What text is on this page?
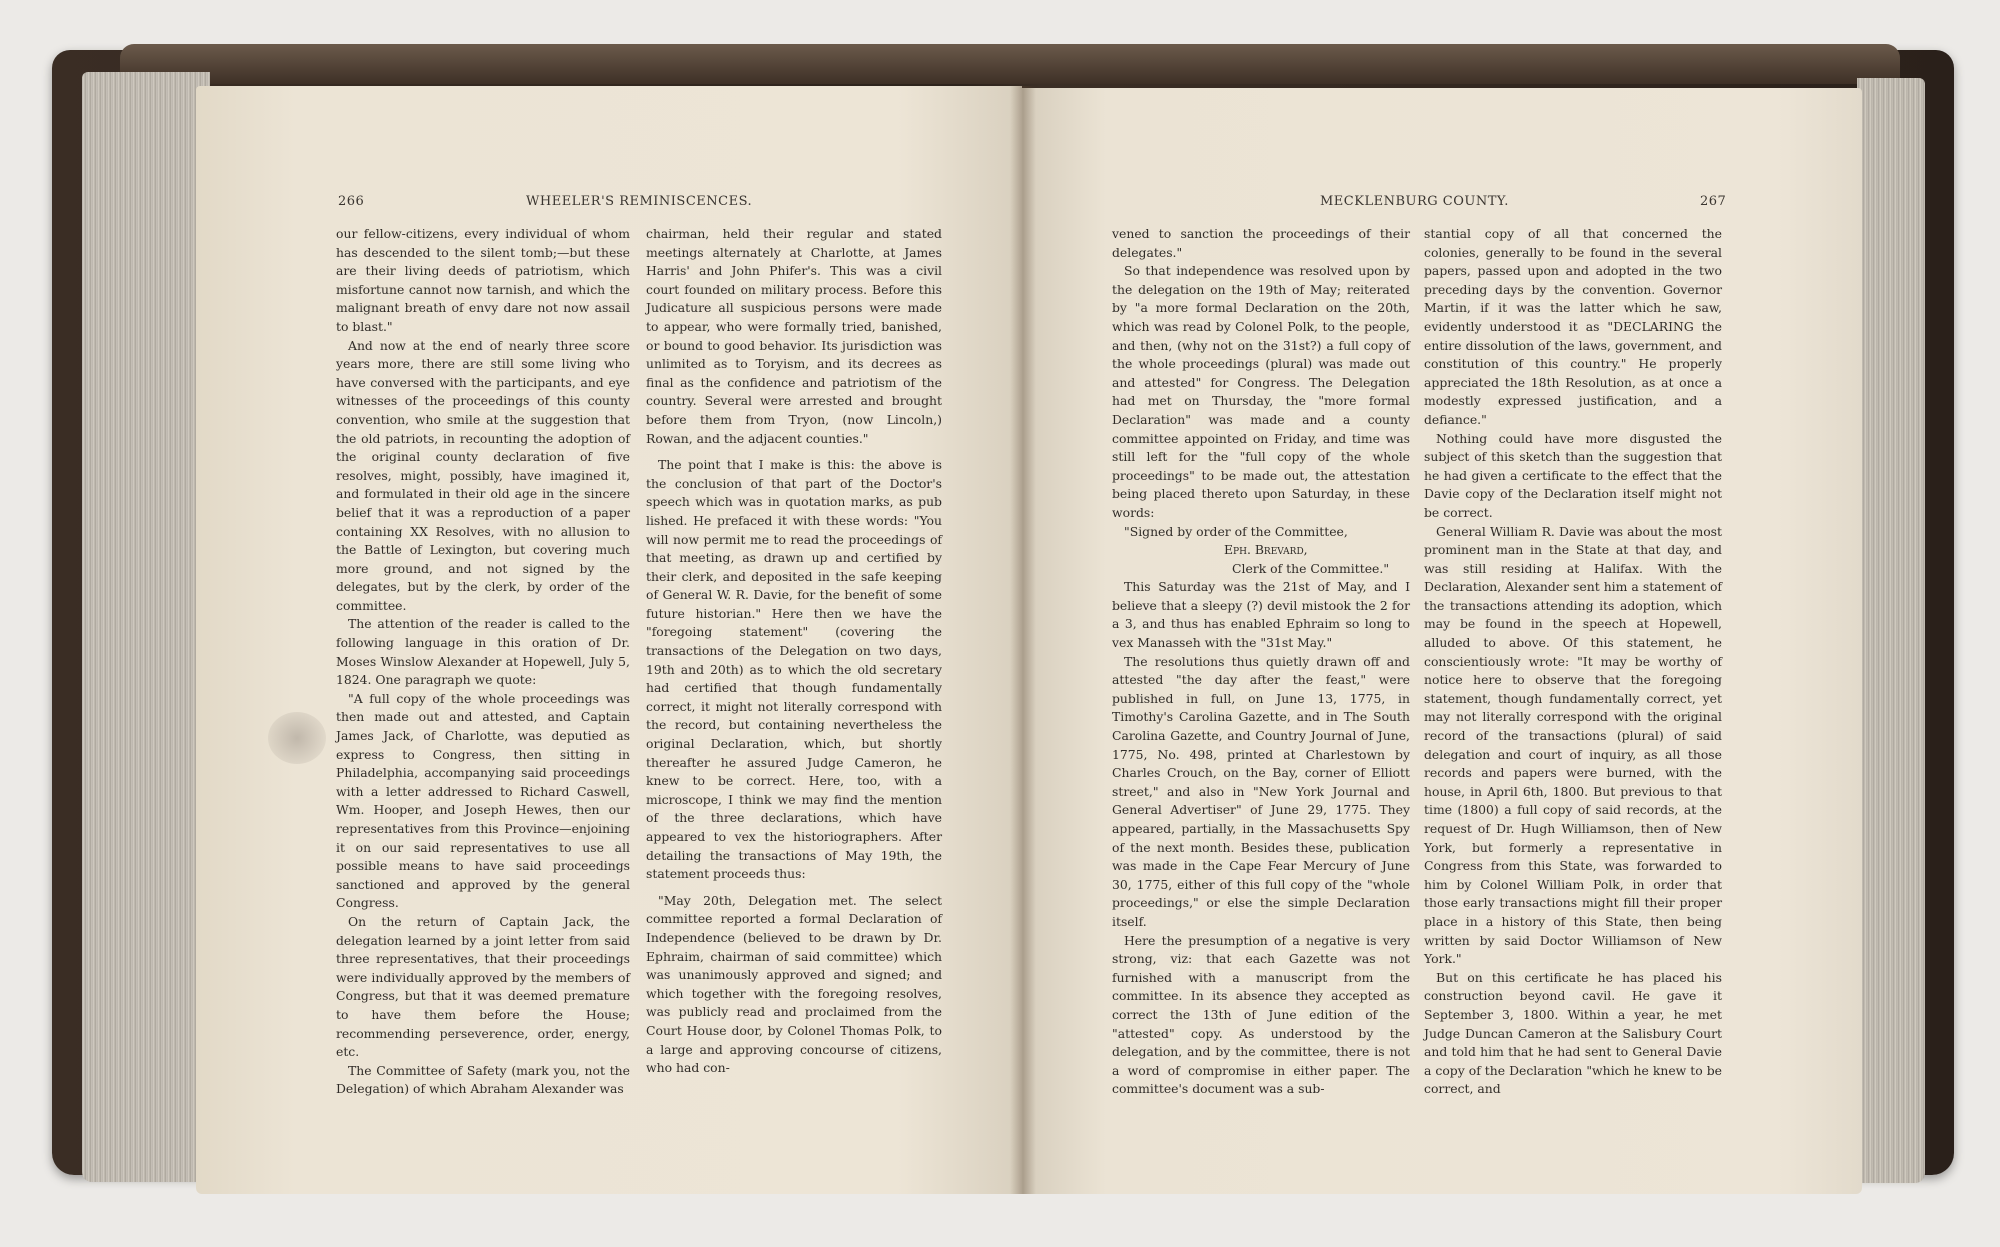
266	WHEELER'S REMINISCENCES.	MECKLENBURG COUNTY.	267

our fellow-citizens, every individual of whom has descended to the silent tomb;—but these are their living deeds of patriotism, which misfortune cannot now tarnish, and which the malignant breath of envy dare not now assail to blast."

And now at the end of nearly three score years more, there are still some living who have conversed with the participants, and eye witnesses of the proceedings of this county convention, who smile at the suggestion that the old patriots, in recounting the adoption of the original county declaration of five resolves, might, possibly, have imagined it, and formulated in their old age in the sincere belief that it was a reproduction of a paper containing XX Resolves, with no allusion to the Battle of Lexington, but covering much more ground, and not signed by the delegates, but by the clerk, by order of the committee.

The attention of the reader is called to the following language in this oration of Dr. Moses Winslow Alexander at Hopewell, July 5, 1824. One paragraph we quote:

"A full copy of the whole proceedings was then made out and attested, and Captain James Jack, of Charlotte, was deputied as express to Congress, then sitting in Philadelphia, accompanying said proceedings with a letter addressed to Richard Caswell, Wm. Hooper, and Joseph Hewes, then our representatives from this Province—enjoining it on our said representatives to use all possible means to have said proceedings sanctioned and approved by the general Congress.

On the return of Captain Jack, the delegation learned by a joint letter from said three representatives, that their proceedings were individually approved by the members of Congress, but that it was deemed premature to have them before the House; recommending perseverence, order, energy, etc.

The Committee of Safety (mark you, not the Delegation) of which Abraham Alexander was

chairman, held their regular and stated meetings alternately at Charlotte, at James Harris' and John Phifer's. This was a civil court founded on military process. Before this Judicature all suspicious persons were made to appear, who were formally tried, banished, or bound to good behavior. Its jurisdiction was unlimited as to Toryism, and its decrees as final as the confidence and patriotism of the country. Several were arrested and brought before them from Tryon, (now Lincoln,) Rowan, and the adjacent counties."

The point that I make is this: the above is the conclusion of that part of the Doctor's speech which was in quotation marks, as pub lished. He prefaced it with these words: "You will now permit me to read the proceedings of that meeting, as drawn up and certified by their clerk, and deposited in the safe keeping of General W. R. Davie, for the benefit of some future historian." Here then we have the "foregoing statement" (covering the transactions of the Delegation on two days, 19th and 20th) as to which the old secretary had certified that though fundamentally correct, it might not literally correspond with the record, but containing nevertheless the original Declaration, which, but shortly thereafter he assured Judge Cameron, he knew to be correct. Here, too, with a microscope, I think we may find the mention of the three declarations, which have appeared to vex the historiographers. After detailing the transactions of May 19th, the statement proceeds thus:

"May 20th, Delegation met. The select committee reported a formal Declaration of Independence (believed to be drawn by Dr. Ephraim, chairman of said committee) which was unanimously approved and signed; and which together with the foregoing resolves, was publicly read and proclaimed from the Court House door, by Colonel Thomas Polk, to a large and approving concourse of citizens, who had con-

vened to sanction the proceedings of their delegates."

So that independence was resolved upon by the delegation on the 19th of May; reiterated by "a more formal Declaration on the 20th, which was read by Colonel Polk, to the people, and then, (why not on the 31st?) a full copy of the whole proceedings (plural) was made out and attested" for Congress. The Delegation had met on Thursday, the "more formal Declaration" was made and a county committee appointed on Friday, and time was still left for the "full copy of the whole proceedings" to be made out, the attestation being placed thereto upon Saturday, in these words:

"Signed by order of the Committee,

Eph. Brevard,

Clerk of the Committee."

This Saturday was the 21st of May, and I believe that a sleepy (?) devil mistook the 2 for a 3, and thus has enabled Ephraim so long to vex Manasseh with the "31st May."

The resolutions thus quietly drawn off and attested "the day after the feast," were published in full, on June 13, 1775, in Timothy's Carolina Gazette, and in The South Carolina Gazette, and Country Journal of June, 1775, No. 498, printed at Charlestown by Charles Crouch, on the Bay, corner of Elliott street," and also in "New York Journal and General Advertiser" of June 29, 1775. They appeared, partially, in the Massachusetts Spy of the next month. Besides these, publication was made in the Cape Fear Mercury of June 30, 1775, either of this full copy of the "whole proceedings," or else the simple Declaration itself.

Here the presumption of a negative is very strong, viz: that each Gazette was not furnished with a manuscript from the committee. In its absence they accepted as correct the 13th of June edition of the "attested" copy. As understood by the delegation, and by the committee, there is not a word of compromise in either paper. The committee's document was a sub-

stantial copy of all that concerned the colonies, generally to be found in the several papers, passed upon and adopted in the two preceding days by the convention. Governor Martin, if it was the latter which he saw, evidently understood it as "DECLARING the entire dissolution of the laws, government, and constitution of this country." He properly appreciated the 18th Resolution, as at once a modestly expressed justification, and a defiance."

Nothing could have more disgusted the subject of this sketch than the suggestion that he had given a certificate to the effect that the Davie copy of the Declaration itself might not be correct.

General William R. Davie was about the most prominent man in the State at that day, and was still residing at Halifax. With the Declaration, Alexander sent him a statement of the transactions attending its adoption, which may be found in the speech at Hopewell, alluded to above. Of this statement, he conscientiously wrote: "It may be worthy of notice here to observe that the foregoing statement, though fundamentally correct, yet may not literally correspond with the original record of the transactions (plural) of said delegation and court of inquiry, as all those records and papers were burned, with the house, in April 6th, 1800. But previous to that time (1800) a full copy of said records, at the request of Dr. Hugh Williamson, then of New York, but formerly a representative in Congress from this State, was forwarded to him by Colonel William Polk, in order that those early transactions might fill their proper place in a history of this State, then being written by said Doctor Williamson of New York."

But on this certificate he has placed his construction beyond cavil. He gave it September 3, 1800. Within a year, he met Judge Duncan Cameron at the Salisbury Court and told him that he had sent to General Davie a copy of the Declaration "which he knew to be correct, and
